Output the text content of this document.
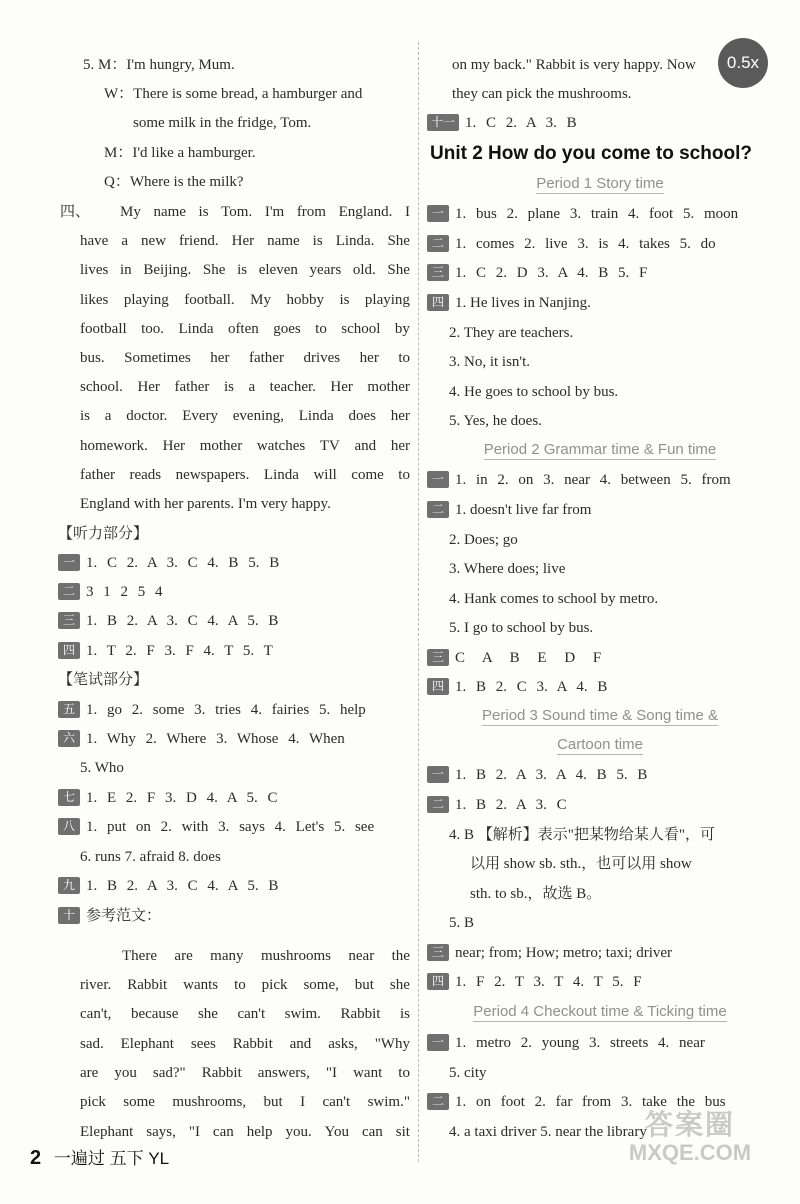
0.5x
5. M：I'm hungry, Mum.
W：There is some bread, a hamburger and
some milk in the fridge, Tom.
M：I'd like a hamburger.
Q：Where is the milk?
四、 My name is Tom. I'm from England. I
have a new friend. Her name is Linda. She
lives in Beijing. She is eleven years old. She
likes playing football. My hobby is playing
football too. Linda often goes to school by
bus. Sometimes her father drives her to
school. Her father is a teacher. Her mother
is a doctor. Every evening, Linda does her
homework. Her mother watches TV and her
father reads newspapers. Linda will come to
England with her parents. I'm very happy.
【听力部分】
一 1. C 2. A 3. C 4. B 5. B
二 3 1 2 5 4
三 1. B 2. A 3. C 4. A 5. B
四 1. T 2. F 3. F 4. T 5. T
【笔试部分】
五 1. go 2. some 3. tries 4. fairies 5. help
六 1. Why 2. Where 3. Whose 4. When
5. Who
七 1. E 2. F 3. D 4. A 5. C
八 1. put on 2. with 3. says 4. Let's 5. see
6. runs 7. afraid 8. does
九 1. B 2. A 3. C 4. A 5. B
十 参考范文：
There are many mushrooms near the
river. Rabbit wants to pick some, but she
can't, because she can't swim. Rabbit is
sad. Elephant sees Rabbit and asks, "Why
are you sad?" Rabbit answers, "I want to
pick some mushrooms, but I can't swim."
Elephant says, "I can help you. You can sit
on my back." Rabbit is very happy. Now
they can pick the mushrooms.
十一 1. C 2. A 3. B
Unit 2 How do you come to school?
Period 1 Story time
一 1. bus 2. plane 3. train 4. foot 5. moon
二 1. comes 2. live 3. is 4. takes 5. do
三 1. C 2. D 3. A 4. B 5. F
四 1. He lives in Nanjing.
2. They are teachers.
3. No, it isn't.
4. He goes to school by bus.
5. Yes, he does.
Period 2 Grammar time & Fun time
一 1. in 2. on 3. near 4. between 5. from
二 1. doesn't live far from
2. Does; go
3. Where does; live
4. Hank comes to school by metro.
5. I go to school by bus.
三 C A B E D F
四 1. B 2. C 3. A 4. B
Period 3 Sound time & Song time &
Cartoon time
一 1. B 2. A 3. A 4. B 5. B
二 1. B 2. A 3. C
4. B 【解析】表示"把某物给某人看"，可
以用 show sb. sth.，也可以用 show
sth. to sb.，故选 B。
5. B
三 near; from; How; metro; taxi; driver
四 1. F 2. T 3. T 4. T 5. F
Period 4 Checkout time & Ticking time
一 1. metro 2. young 3. streets 4. near
5. city
二 1. on foot 2. far from 3. take the bus
4. a taxi driver 5. near the library
2 一遍过 五下 YL
答案圈
MXQE.COM
